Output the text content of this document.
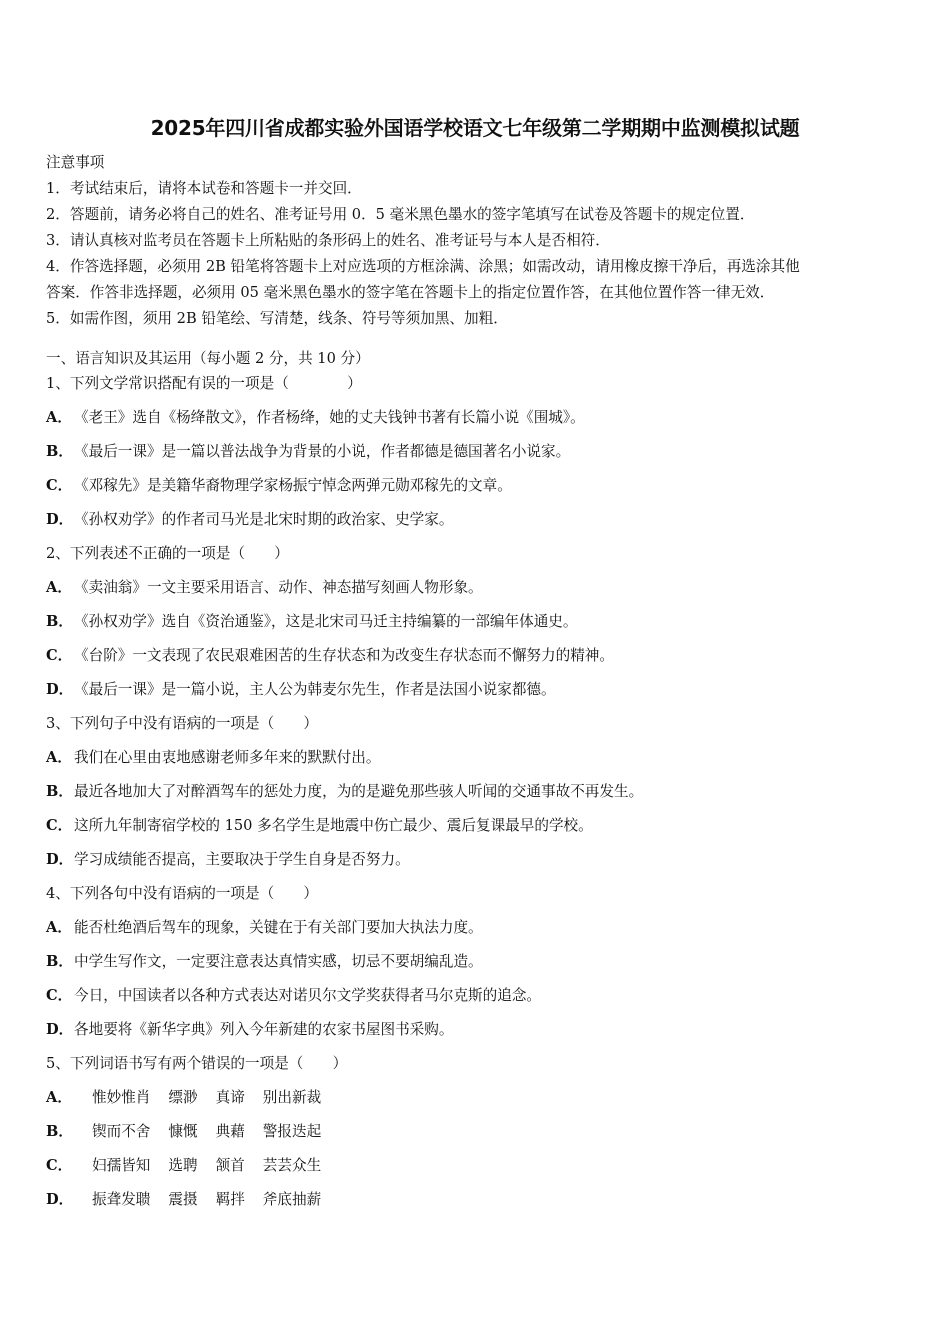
2025年四川省成都实验外国语学校语文七年级第二学期期中监测模拟试题
注意事项
1．考试结束后，请将本试卷和答题卡一并交回．
2．答题前，请务必将自己的姓名、准考证号用 0．5 毫米黑色墨水的签字笔填写在试卷及答题卡的规定位置．
3．请认真核对监考员在答题卡上所粘贴的条形码上的姓名、准考证号与本人是否相符．
4．作答选择题，必须用 2B 铅笔将答题卡上对应选项的方框涂满、涂黑；如需改动，请用橡皮擦干净后，再选涂其他
答案．作答非选择题，必须用 05 毫米黑色墨水的签字笔在答题卡上的指定位置作答，在其他位置作答一律无效．
5．如需作图，须用 2B 铅笔绘、写清楚，线条、符号等须加黑、加粗．
一、语言知识及其运用（每小题 2 分，共 10 分）
1、下列文学常识搭配有误的一项是（　　　　）
A． 《老王》选自《杨绛散文》，作者杨绛，她的丈夫钱钟书著有长篇小说《围城》。
B．《最后一课》是一篇以普法战争为背景的小说，作者都德是德国著名小说家。
C． 《邓稼先》是美籍华裔物理学家杨振宁悼念两弹元勋邓稼先的文章。
D．《孙权劝学》的作者司马光是北宋时期的政治家、史学家。
2、下列表述不正确的一项是（　　）
A． 《卖油翁》一文主要采用语言、动作、神态描写刻画人物形象。
B．《孙权劝学》选自《资治通鉴》，这是北宋司马迁主持编纂的一部编年体通史。
C． 《台阶》一文表现了农民艰难困苦的生存状态和为改变生存状态而不懈努力的精神。
D．《最后一课》是一篇小说，主人公为韩麦尔先生，作者是法国小说家都德。
3、下列句子中没有语病的一项是（　　）
A． 我们在心里由衷地感谢老师多年来的默默付出。
B．最近各地加大了对醉酒驾车的惩处力度，为的是避免那些骇人听闻的交通事故不再发生。
C． 这所九年制寄宿学校的 150 多名学生是地震中伤亡最少、震后复课最早的学校。
D．学习成绩能否提高，主要取决于学生自身是否努力。
4、下列各句中没有语病的一项是（　　）
A． 能否杜绝酒后驾车的现象，关键在于有关部门要加大执法力度。
B．中学生写作文，一定要注意表达真情实感，切忌不要胡编乱造。
C． 今日，中国读者以各种方式表达对诺贝尔文学奖获得者马尔克斯的追念。
D．各地要将《新华字典》列入今年新建的农家书屋图书采购。
5、下列词语书写有两个错误的一项是（　　）
A． 惟妙惟肖 缥渺 真谛 别出新裁
B． 锲而不舍 慷慨 典藉 警报迭起
C． 妇孺皆知 选聘 颔首 芸芸众生
D． 振聋发聩 震摄 羁拌 斧底抽薪
